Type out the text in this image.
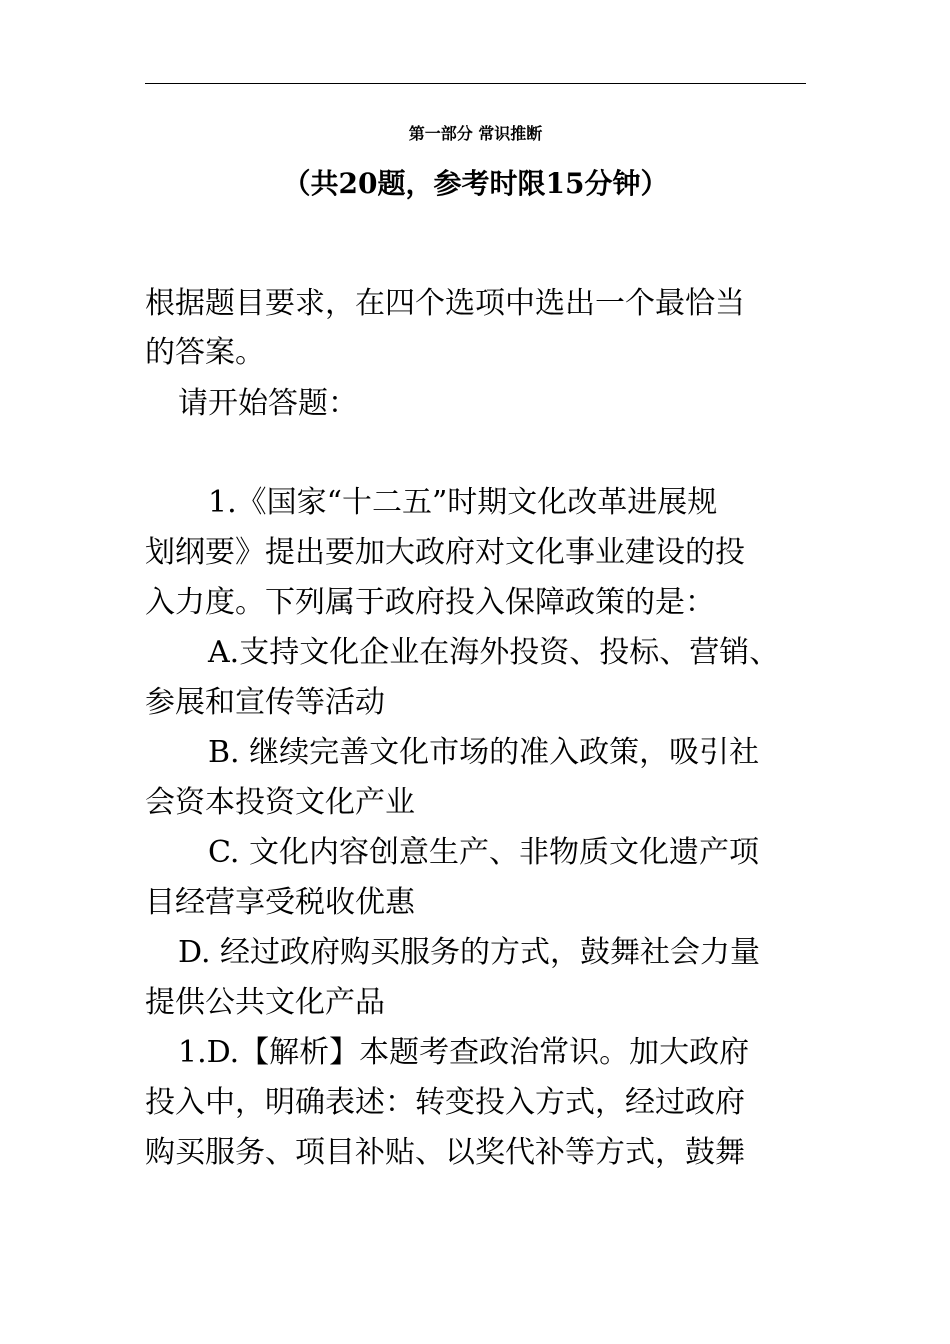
第一部分 常识推断
（共20题，参考时限15分钟）
根据题目要求，在四个选项中选出一个最恰当
的答案。
请开始答题：
1.《国家“十二五”时期文化改革进展规
划纲要》提出要加大政府对文化事业建设的投
入力度。下列属于政府投入保障政策的是：
A.支持文化企业在海外投资、投标、营销、
参展和宣传等活动
B. 继续完善文化市场的准入政策，吸引社
会资本投资文化产业
C. 文化内容创意生产、非物质文化遗产项
目经营享受税收优惠
D. 经过政府购买服务的方式，鼓舞社会力量
提供公共文化产品
1.D.【解析】本题考查政治常识。加大政府
投入中，明确表述：转变投入方式，经过政府
购买服务、项目补贴、以奖代补等方式，鼓舞
